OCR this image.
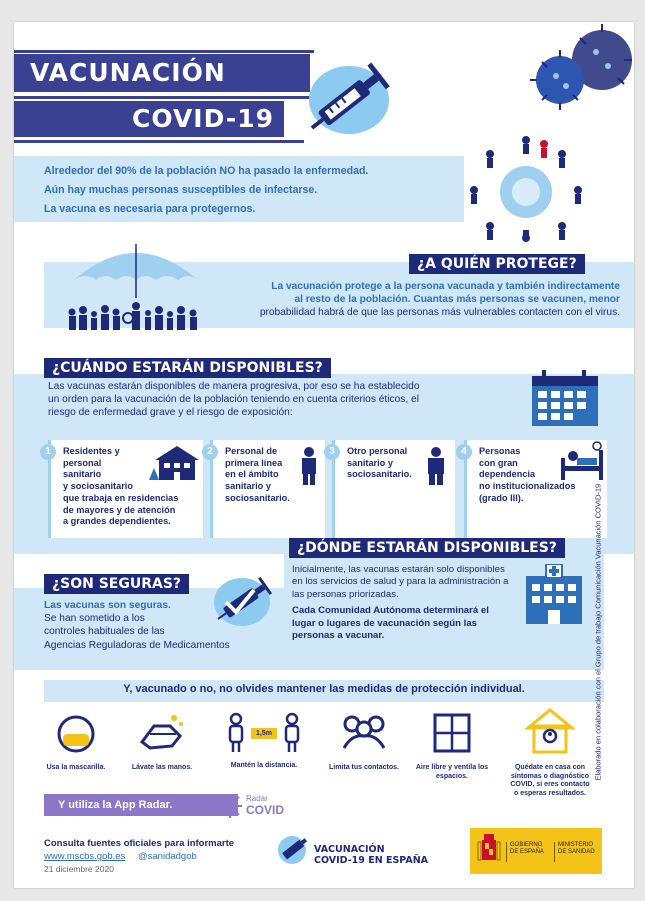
VACUNACIÓN
COVID-19

Alrededor del 90% de la población NO ha pasado la enfermedad.

Aún hay muchas personas susceptibles de infectarse.

La vacuna es necesaria para protegernos.

¿A QUIÉN PROTEGE?
La vacunación protege a la persona vacunada y también indirectamente
al resto de la población. Cuantas más personas se vacunen, menor
probabilidad habrá de que las personas más vulnerables contacten con el virus.
¿CUÁNDO ESTARÁN DISPONIBLES?
Las vacunas estarán disponibles de manera progresiva, por eso se ha establecido
un orden para la vacunación de la población teniendo en cuenta criterios éticos, el
riesgo de enfermedad grave y el riesgo de exposición:
1	Residentes y
personal
sanitario
y sociosanitario
que trabaja en residencias
de mayores y de atención
a grandes dependientes.
2	Personal de
primera línea
en el ámbito
sanitario y
sociosanitario.
3	Otro personal
sanitario y
sociosanitario.
4	Personas
con gran
dependencia
no institucionalizados
(grado III).
¿SON SEGURAS?
Las vacunas son seguras.
Se han sometido a los
controles habituales de las
Agencias Reguladoras de Medicamentos
¿DÓNDE ESTARÁN DISPONIBLES?
Inicialmente, las vacunas estarán solo disponibles en los servicios de salud y para la administración a las personas priorizadas.
Cada Comunidad Autónoma determinará el lugar o lugares de vacunación según las personas a vacunar.
Y, vacunado o no, no olvides mantener las medidas de protección individual.
Usa la mascarilla.	Lávate las manos.
1,5m
Mantén la distancia.	Limita tus contactos.	Aire libre y ventila los espacios.
Quédate en casa con síntomas o diagnóstico COVID, si eres contacto o esperas resultados.
Y utiliza la App Radar.
Radar
COVID
Consulta fuentes oficiales para informarte
www.mscbs.gob.es @sanidadgob
21 diciembre 2020
VACUNACIÓN
COVID-19 EN ESPAÑA
GOBIERNO
DE ESPAÑA
MINISTERIO
DE SANIDAD
Elaborado en colaboración con el Grupo de trabajo Comunicación Vacunación COVID-19
